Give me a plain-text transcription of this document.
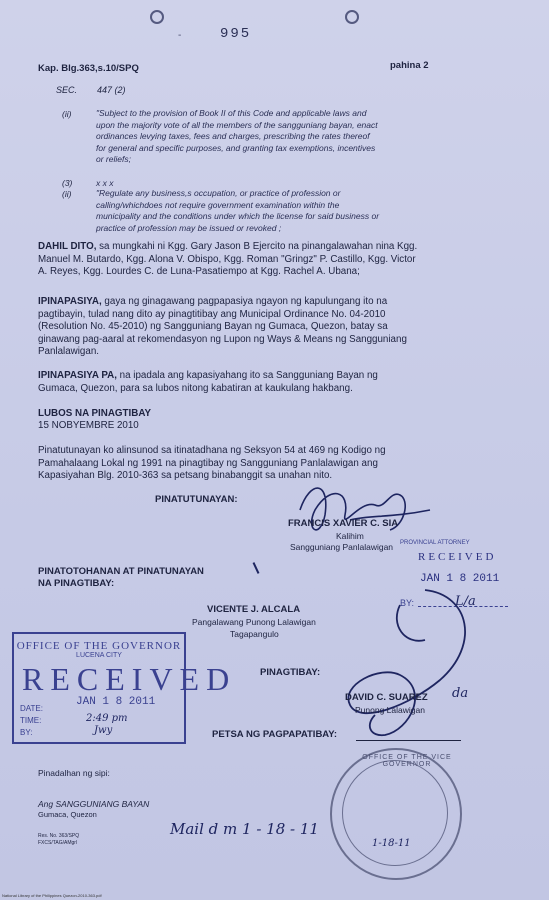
-	995
Kap. Blg.363,s.10/SPQ	pahina 2
SEC. 447 (2)
(ii)	"Subject to the provision of Book II of this Code and applicable laws and
upon the majority vote of all the members of the sangguniang bayan, enact
ordinances levying taxes, fees and charges, prescribing the rates thereof
for general and specific purposes, and granting tax exemptions, incentives
or reliefs;
(3)	x x x
(ii)	"Regulate any business,s occupation, or practice of profession or
calling/whichdoes not require government examination within the
municipality and the conditions under which the license for said business or
practice of profession may be issued or revoked ;
DAHIL DITO, sa mungkahi ni Kgg. Gary Jason B Ejercito na pinangalawahan nina Kgg.
Manuel M. Butardo, Kgg. Alona V. Obispo, Kgg. Roman "Gringz" P. Castillo, Kgg. Victor
A. Reyes, Kgg. Lourdes C. de Luna-Pasatiempo at Kgg. Rachel A. Ubana;
IPINAPASIYA, gaya ng ginagawang pagpapasiya ngayon ng kapulungang ito na
pagtibayin, tulad nang dito ay pinagtitibay ang Municipal Ordinance No. 04-2010
(Resolution No. 45-2010) ng Sangguniang Bayan ng Gumaca, Quezon, batay sa
ginawang pag-aaral at rekomendasyon ng Lupon ng Ways & Means ng Sangguniang
Panlalawigan.
IPINAPASIYA PA, na ipadala ang kapasiyahang ito sa Sangguniang Bayan ng
Gumaca, Quezon, para sa lubos nitong kabatiran at kaukulang hakbang.
LUBOS NA PINAGTIBAY
15 NOBYEMBRE 2010
Pinatutunayan ko alinsunod sa itinatadhana ng Seksyon 54 at 469 ng Kodigo ng
Pamahalaang Lokal ng 1991 na pinagtibay ng Sangguniang Panlalawigan ang
Kapasiyahan Blg. 2010-363 sa petsang binabanggit sa unahan nito.
PINATUTUNAYAN:
FRANCIS XAVIER C. SIA
Kalihim
Sangguniang Panlalawigan PROVINCIAL ATTORNEY
RECEIVED
JAN 1 8 2011
BY:	L/a
PINATOTOHANAN AT PINATUNAYAN
NA PINAGTIBAY:
VICENTE J. ALCALA
Pangalawang Punong Lalawigan
Tagapangulo
OFFICE OF THE GOVERNOR
LUCENA CITY
RECEIVED
JAN 1 8 2011
DATE:
TIME:	2:49 pm
BY:	Jwy
PINAGTIBAY:
DAVID C. SUAREZ da
Punong Lalawigan
PETSA NG PAGPAPATIBAY:
OFFICE OF THE VICE GOVERNOR
1-18-11
Pinadalhan ng sipi:
Ang SANGGUNIANG BAYAN
Gumaca, Quezon
Res. No. 363/SPQ
FXCS/TAG/AMgrl
Mail d m 1 - 18 - 11
National Library of the Philippines Quezon-2010-363.pdf
